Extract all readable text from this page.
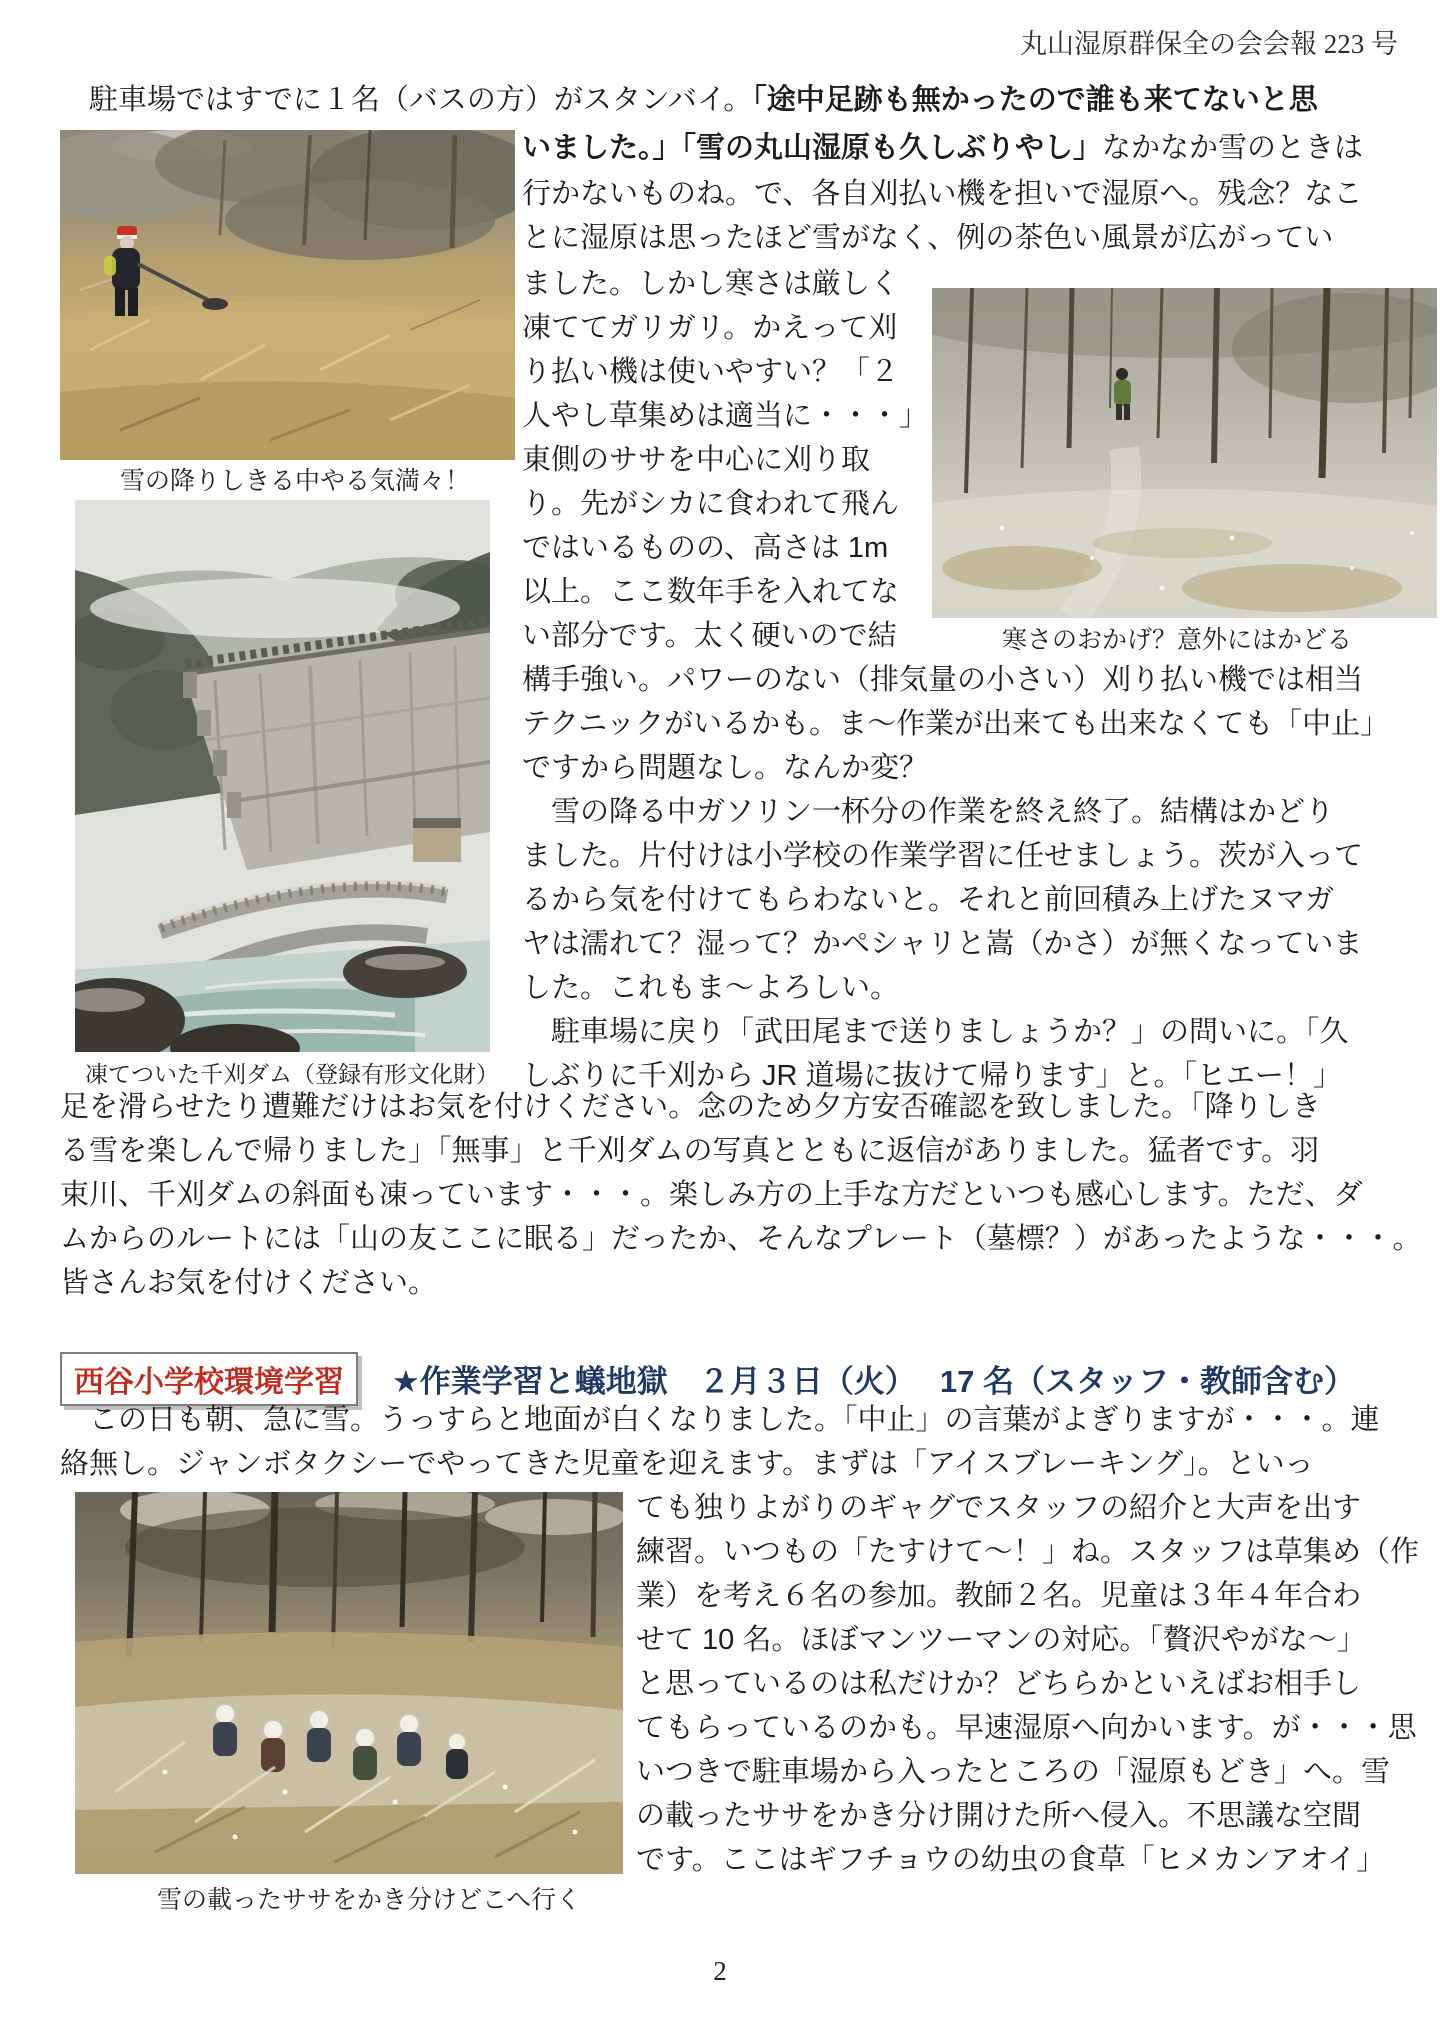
丸山湿原群保全の会会報 223 号
　駐車場ではすでに１名（バスの方）がスタンバイ。「途中足跡も無かったので誰も来てないと思
いました。」「雪の丸山湿原も久しぶりやし」なかなか雪のときは
行かないものね。で、各自刈払い機を担いで湿原へ。残念？なこ
とに湿原は思ったほど雪がなく、例の茶色い風景が広がってい
雪の降りしきる中やる気満々！
寒さのおかげ？意外にはかどる
凍てついた千刈ダム（登録有形文化財）
ました。しかし寒さは厳しく
凍ててガリガリ。かえって刈
り払い機は使いやすい？「２
人やし草集めは適当に・・・」
東側のササを中心に刈り取
り。先がシカに食われて飛ん
ではいるものの、高さは 1m
以上。ここ数年手を入れてな
い部分です。太く硬いので結
構手強い。パワーのない（排気量の小さい）刈り払い機では相当
テクニックがいるかも。ま〜作業が出来ても出来なくても「中止」
ですから問題なし。なんか変？
　雪の降る中ガソリン一杯分の作業を終え終了。結構はかどり
ました。片付けは小学校の作業学習に任せましょう。茨が入って
るから気を付けてもらわないと。それと前回積み上げたヌマガ
ヤは濡れて？湿って？かペシャリと嵩（かさ）が無くなっていま
した。これもま〜よろしい。
　駐車場に戻り「武田尾まで送りましょうか？」の問いに。「久
しぶりに千刈から JR 道場に抜けて帰ります」と。「ヒエー！」
足を滑らせたり遭難だけはお気を付けください。念のため夕方安否確認を致しました。「降りしき
る雪を楽しんで帰りました」「無事」と千刈ダムの写真とともに返信がありました。猛者です。羽
束川、千刈ダムの斜面も凍っています・・・。楽しみ方の上手な方だといつも感心します。ただ、ダ
ムからのルートには「山の友ここに眠る」だったか、そんなプレート（墓標？）があったような・・・。
皆さんお気を付けください。
西谷小学校環境学習	★作業学習と蟻地獄　２月３日（火）　 17 名（スタッフ・教師含む）
　この日も朝、急に雪。うっすらと地面が白くなりました。「中止」の言葉がよぎりますが・・・。連
絡無し。ジャンボタクシーでやってきた児童を迎えます。まずは「アイスブレーキング」。といっ
雪の載ったササをかき分けどこへ行く
ても独りよがりのギャグでスタッフの紹介と大声を出す
練習。いつもの「たすけて〜！」ね。スタッフは草集め（作
業）を考え６名の参加。教師２名。児童は３年４年合わ
せて 10 名。ほぼマンツーマンの対応。「贅沢やがな〜」
と思っているのは私だけか？どちらかといえばお相手し
てもらっているのかも。早速湿原へ向かいます。が・・・思
いつきで駐車場から入ったところの「湿原もどき」へ。雪
の載ったササをかき分け開けた所へ侵入。不思議な空間
です。ここはギフチョウの幼虫の食草「ヒメカンアオイ」
2
